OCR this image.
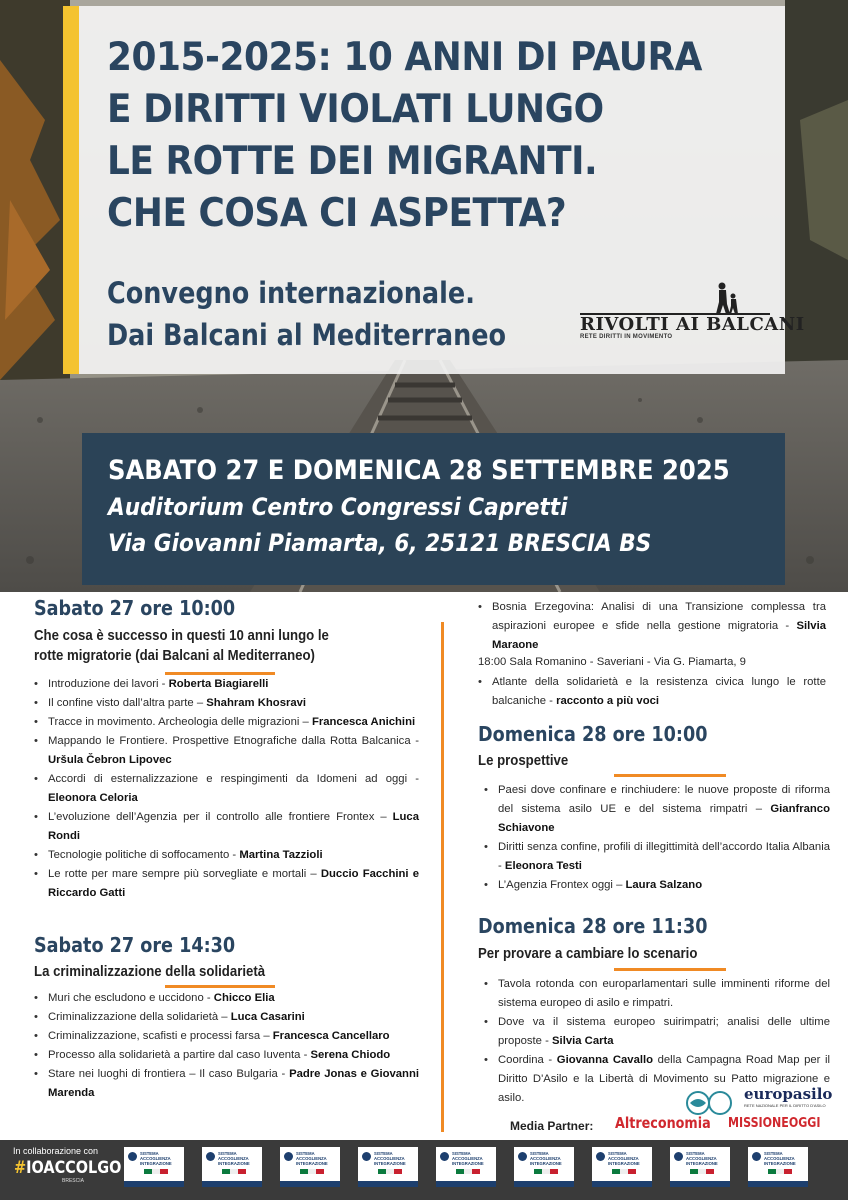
2015-2025: 10 ANNI DI PAURA
E DIRITTI VIOLATI LUNGO
LE ROTTE DEI MIGRANTI.
CHE COSA CI ASPETTA?
Convegno internazionale.
Dai Balcani al Mediterraneo	RIVOLTI AI BALCANI
RETE DIRITTI IN MOVIMENTO
SABATO 27 E DOMENICA 28 SETTEMBRE 2025
Auditorium Centro Congressi Capretti
Via Giovanni Piamarta, 6, 25121 BRESCIA BS
Sabato 27 ore 10:00
Che cosa è successo in questi 10 anni lungo le
rotte migratorie (dai Balcani al Mediterraneo)
• Introduzione dei lavori - Roberta Biagiarelli
• Il confine visto dall’altra parte – Shahram Khosravi
• Tracce in movimento. Archeologia delle migrazioni – Francesca Anichini
• Mappando le Frontiere. Prospettive Etnografiche dalla Rotta Balcanica - Uršula Čebron Lipovec
• Accordi di esternalizzazione e respingimenti da Idomeni ad oggi - Eleonora Celoria
• L’evoluzione dell’Agenzia per il controllo alle frontiere Frontex – Luca Rondi
• Tecnologie politiche di soffocamento - Martina Tazzioli
• Le rotte per mare sempre più sorvegliate e mortali – Duccio Facchini e Riccardo Gatti
Sabato 27 ore 14:30
La criminalizzazione della solidarietà
• Muri che escludono e uccidono - Chicco Elia
• Criminalizzazione della solidarietà – Luca Casarini
• Criminalizzazione, scafisti e processi farsa – Francesca Cancellaro
• Processo alla solidarietà a partire dal caso Iuventa - Serena Chiodo
• Stare nei luoghi di frontiera – Il caso Bulgaria - Padre Jonas e Giovanni Marenda
• Bosnia Erzegovina: Analisi di una Transizione complessa tra aspirazioni europee e sfide nella gestione migratoria - Silvia Maraone
18:00 Sala Romanino - Saveriani - Via G. Piamarta, 9
• Atlante della solidarietà e la resistenza civica lungo le rotte balcaniche - racconto a più voci
Domenica 28 ore 10:00
Le prospettive
• Paesi dove confinare e rinchiudere: le nuove proposte di riforma del sistema asilo UE e del sistema rimpatri – Gianfranco Schiavone
• Diritti senza confine, profili di illegittimità dell’accordo Italia Albania - Eleonora Testi
• L’Agenzia Frontex oggi – Laura Salzano
Domenica 28 ore 11:30
Per provare a cambiare lo scenario
• Tavola rotonda con europarlamentari sulle imminenti riforme del sistema europeo di asilo e rimpatri.
• Dove va il sistema europeo suirimpatri; analisi delle ultime proposte - Silvia Carta
• Coordina - Giovanna Cavallo della Campagna Road Map per il Diritto D'Asilo e la Libertà di Movimento su Patto migrazione e asilo.	europasilo
RETE NAZIONALE PER IL DIRITTO D'ASILO
Media Partner: Altreconomia MISSIONEOGGI
In collaborazione con
#IOACCOLGO
BRESCIA
SISTEMA ACCOGLIENZA INTEGRAZIONE
SISTEMA ACCOGLIENZA INTEGRAZIONE
SISTEMA ACCOGLIENZA INTEGRAZIONE
SISTEMA ACCOGLIENZA INTEGRAZIONE
SISTEMA ACCOGLIENZA INTEGRAZIONE
SISTEMA ACCOGLIENZA INTEGRAZIONE
SISTEMA ACCOGLIENZA INTEGRAZIONE
SISTEMA ACCOGLIENZA INTEGRAZIONE
SISTEMA ACCOGLIENZA INTEGRAZIONE
